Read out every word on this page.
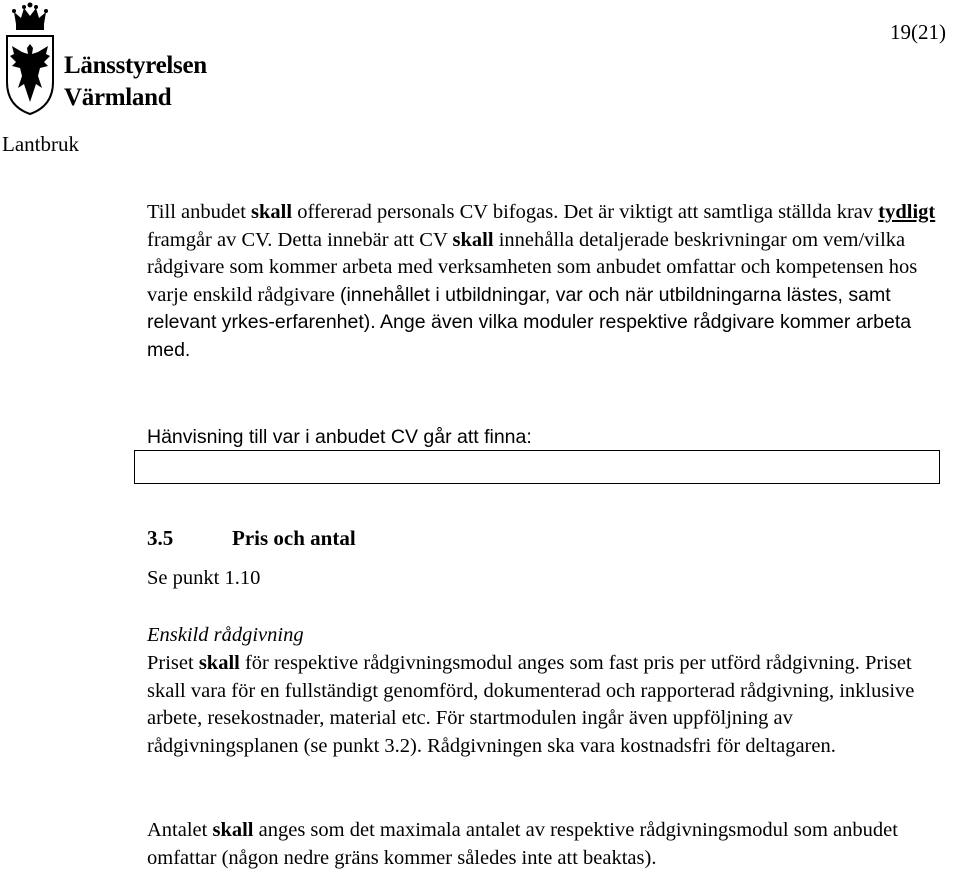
Länsstyrelsen
Värmland
19(21)
Lantbruk
Till anbudet skall offererad personals CV bifogas. Det är viktigt att samtliga ställda krav tydligt framgår av CV. Detta innebär att CV skall innehålla detaljerade beskrivningar om vem/vilka rådgivare som kommer arbeta med verksamheten som anbudet omfattar och kompetensen hos varje enskild rådgivare (innehållet i utbildningar, var och när utbildningarna lästes, samt relevant yrkes-erfarenhet). Ange även vilka moduler respektive rådgivare kommer arbeta med.
Hänvisning till var i anbudet CV går att finna:
3.5	Pris och antal
Se punkt 1.10
Enskild rådgivning
Priset skall för respektive rådgivningsmodul anges som fast pris per utförd rådgivning. Priset skall vara för en fullständigt genomförd, dokumenterad och rapporterad rådgivning, inklusive arbete, resekostnader, material etc. För startmodulen ingår även uppföljning av rådgivningsplanen (se punkt 3.2). Rådgivningen ska vara kostnadsfri för deltagaren.
Antalet skall anges som det maximala antalet av respektive rådgivningsmodul som anbudet omfattar (någon nedre gräns kommer således inte att beaktas).
